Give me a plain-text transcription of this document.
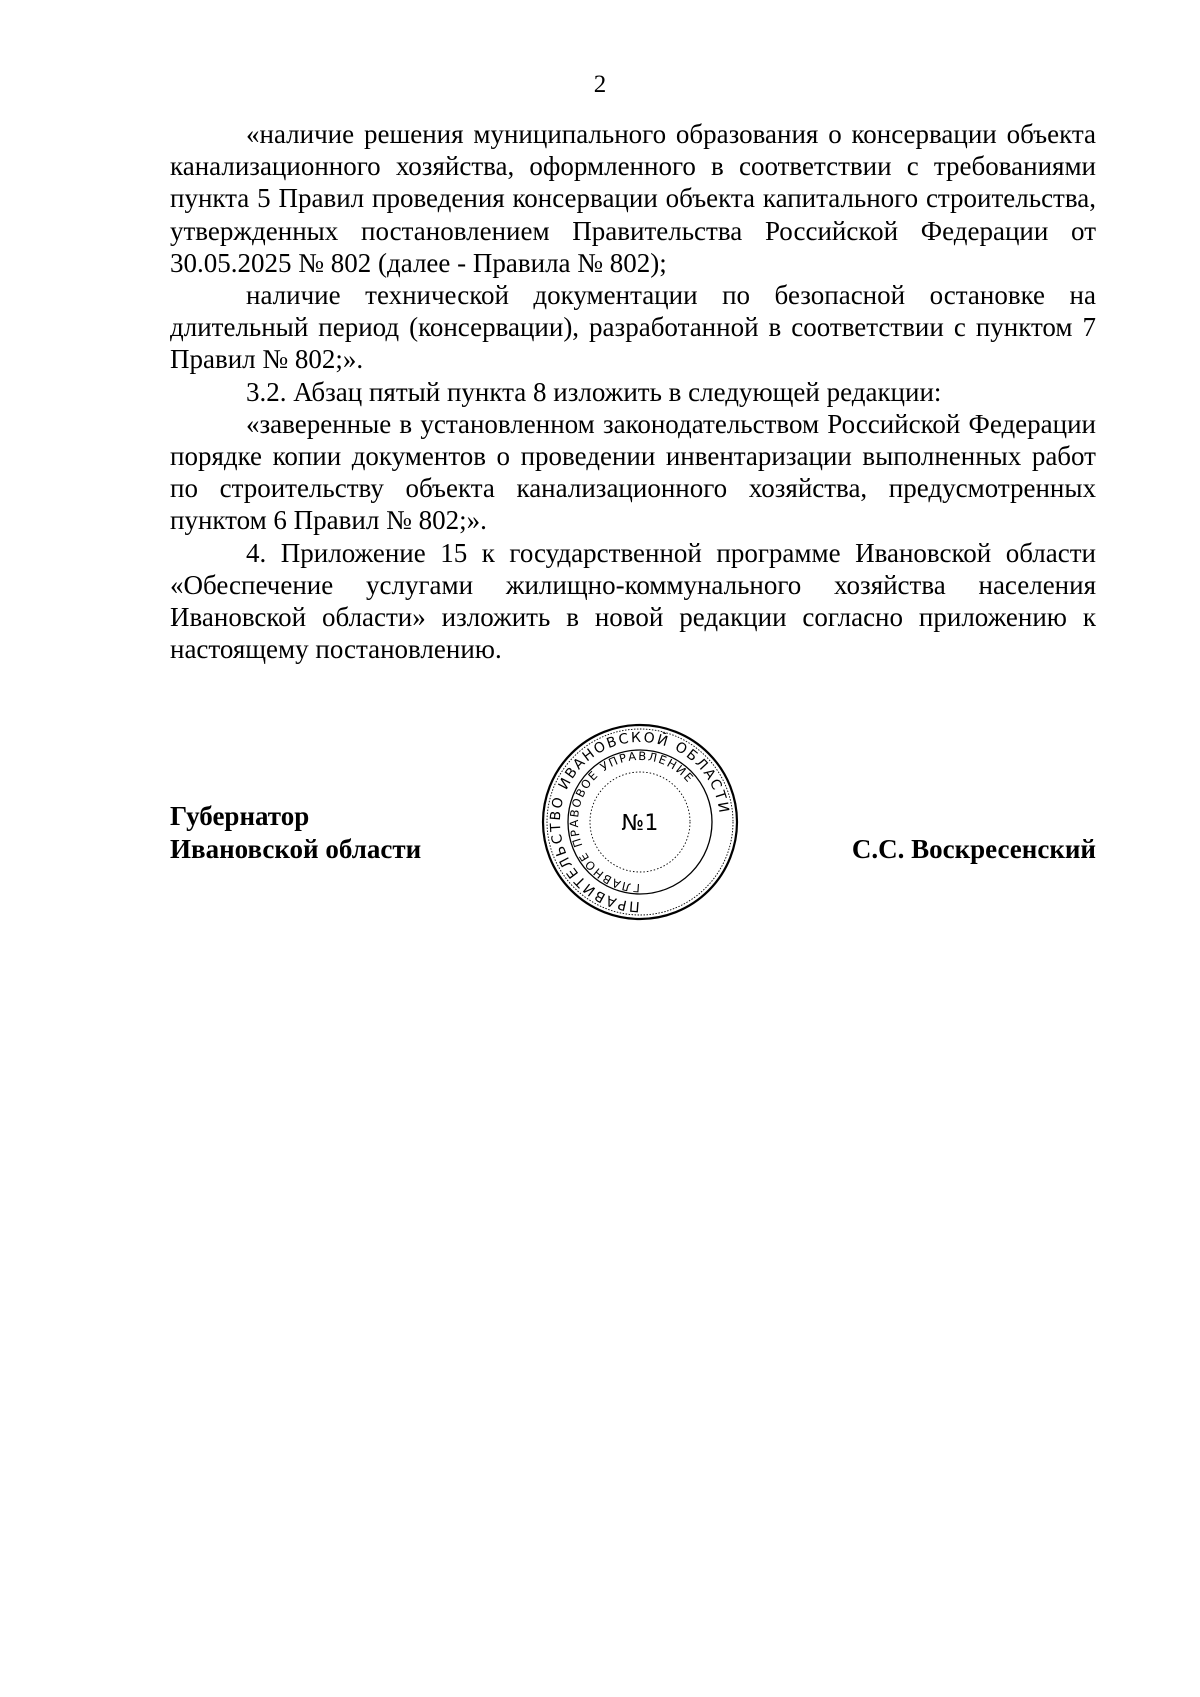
2

«наличие решения муниципального образования о консервации объекта канализационного хозяйства, оформленного в соответствии с требованиями пункта 5 Правил проведения консервации объекта капитального строительства, утвержденных постановлением Правительства Российской Федерации от 30.05.2025 № 802 (далее - Правила № 802);

наличие технической документации по безопасной остановке на длительный период (консервации), разработанной в соответствии с пунктом 7 Правил № 802;».

3.2. Абзац пятый пункта 8 изложить в следующей редакции:

«заверенные в установленном законодательством Российской Федерации порядке копии документов о проведении инвентаризации выполненных работ по строительству объекта канализационного хозяйства, предусмотренных пунктом 6 Правил № 802;».

4. Приложение 15 к государственной программе Ивановской области «Обеспечение услугами жилищно-коммунального хозяйства населения Ивановской области» изложить в новой редакции согласно приложению к настоящему постановлению.

Губернатор
Ивановской области	С.С. Воскресенский
ПРАВИТЕЛЬСТВО ИВАНОВСКОЙ ОБЛАСТИ
ГЛАВНОЕ ПРАВОВОЕ УПРАВЛЕНИЕ
№1
